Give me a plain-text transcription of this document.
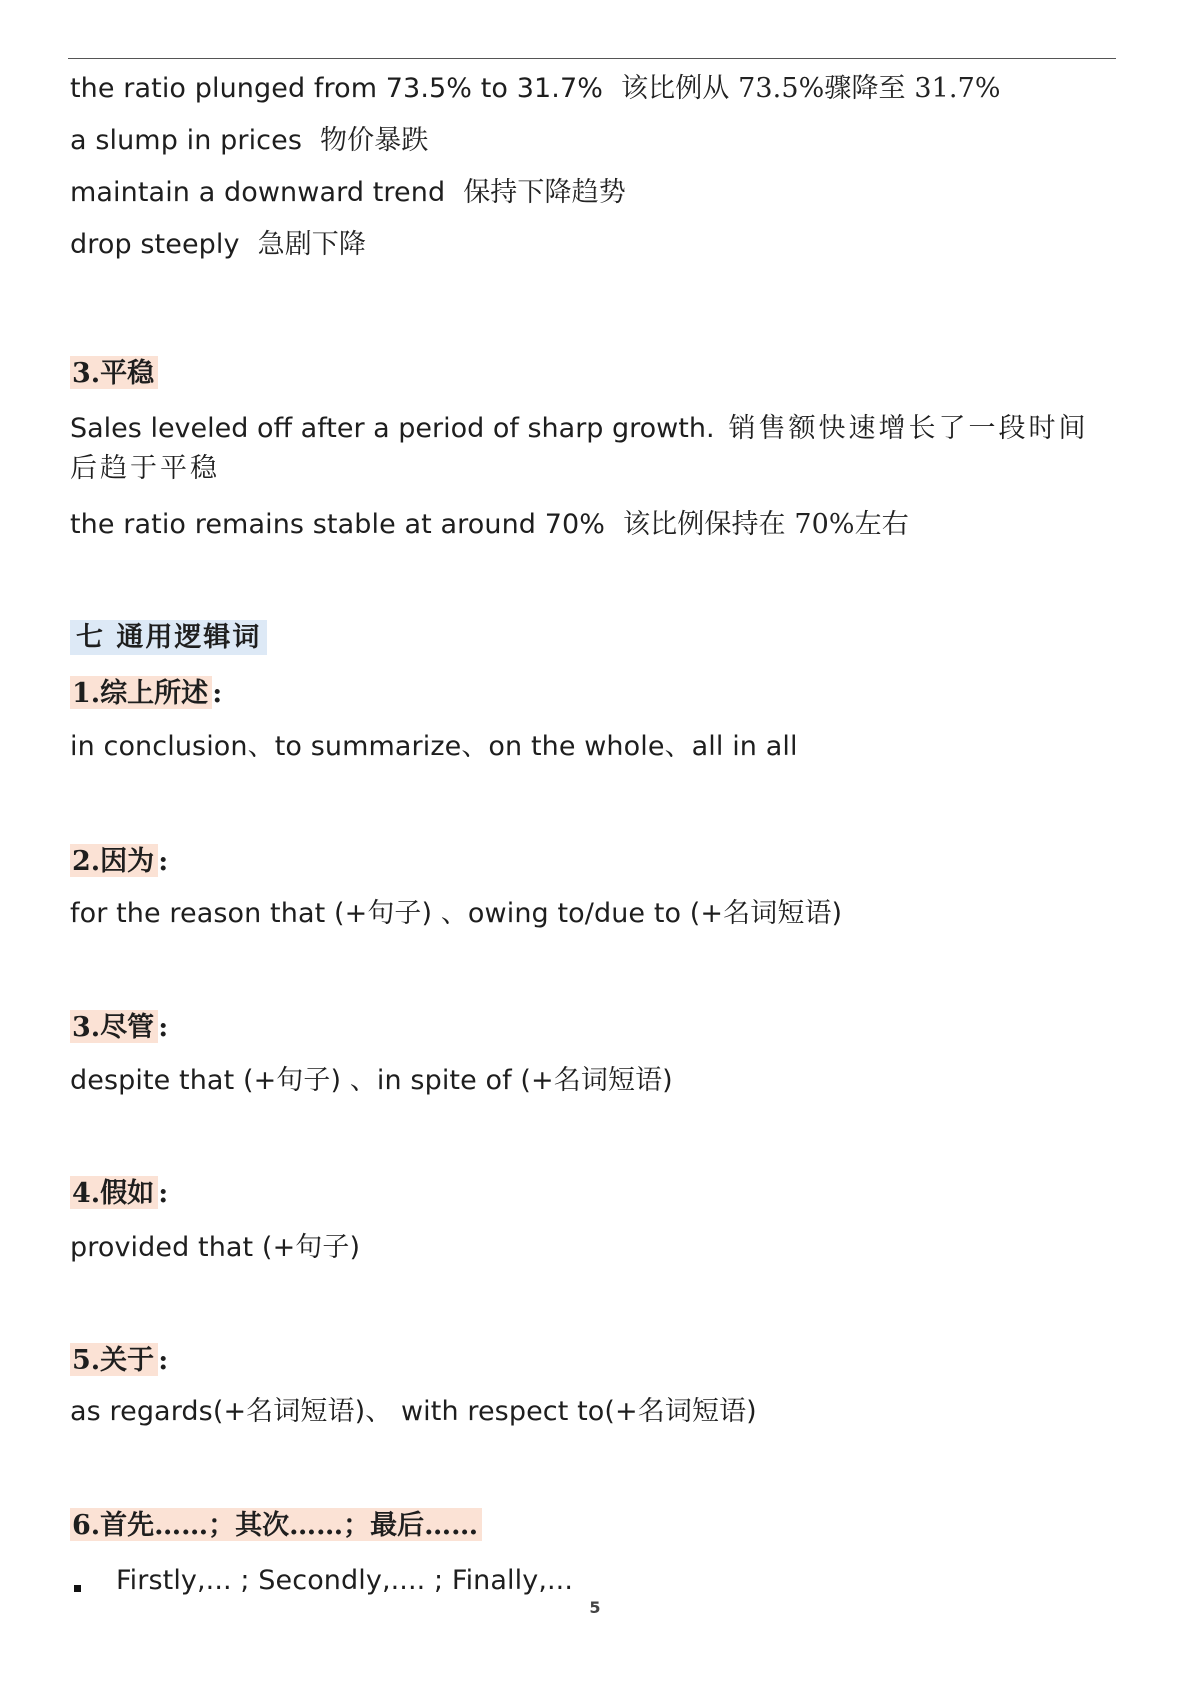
the ratio plunged from 73.5% to 31.7% 该比例从 73.5%骤降至 31.7%
a slump in prices 物价暴跌
maintain a downward trend 保持下降趋势
drop steeply 急剧下降
3.平稳
Sales leveled off after a period of sharp growth. 销售额快速增长了一段时间后趋于平稳
the ratio remains stable at around 70% 该比例保持在 70%左右
七 通用逻辑词
1.综上所述 :
in conclusion、to summarize、on the whole、all in all
2.因为 :
for the reason that (+句子) 、owing to/due to (+名词短语)
3.尽管 :
despite that (+句子) 、in spite of (+名词短语)
4.假如 :
provided that (+句子)
5.关于 :
as regards(+名词短语)、 with respect to(+名词短语)
6.首先……；其次……；最后……
Firstly,... ; Secondly,.... ; Finally,...
5
